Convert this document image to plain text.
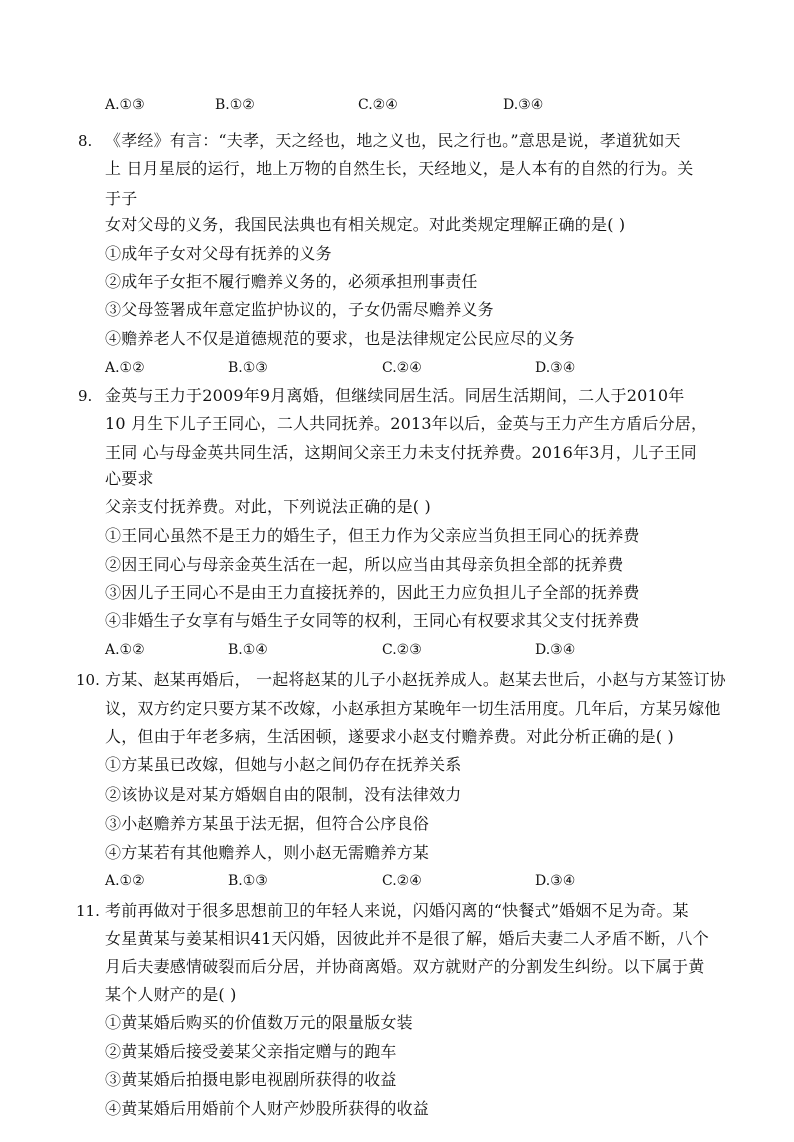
A.①③	B.①②	C.②④	D.③④
8. 《孝经》有言：“夫孝，天之经也，地之义也，民之行也。”意思是说，孝道犹如天
上 日月星辰的运行，地上万物的自然生长，天经地义，是人本有的自然的行为。关
于子
女对父母的义务，我国民法典也有相关规定。对此类规定理解正确的是( )
①成年子女对父母有抚养的义务
②成年子女拒不履行赡养义务的，必须承担刑事责任
③父母签署成年意定监护协议的，子女仍需尽赡养义务
④赡养老人不仅是道德规范的要求，也是法律规定公民应尽的义务
A.①②	B.①③	C.②④	D.③④
9. 金英与王力于2009年9月离婚，但继续同居生活。同居生活期间，二人于2010年
10 月生下儿子王同心，二人共同抚养。2013年以后，金英与王力产生方盾后分居，
王同 心与母金英共同生活，这期间父亲王力未支付抚养费。2016年3月，儿子王同
心要求
父亲支付抚养费。对此，下列说法正确的是( )
①王同心虽然不是王力的婚生子，但王力作为父亲应当负担王同心的抚养费
②因王同心与母亲金英生活在一起，所以应当由其母亲负担全部的抚养费
③因儿子王同心不是由王力直接抚养的，因此王力应负担儿子全部的抚养费
④非婚生子女享有与婚生子女同等的权利，王同心有权要求其父支付抚养费
A.①②	B.①④	C.②③	D.③④
10. 方某、赵某再婚后， 一起将赵某的儿子小赵抚养成人。赵某去世后，小赵与方某签订协
议，双方约定只要方某不改嫁，小赵承担方某晚年一切生活用度。几年后，方某另嫁他
人，但由于年老多病，生活困顿，遂要求小赵支付赡养费。对此分析正确的是( )
①方某虽已改嫁，但她与小赵之间仍存在抚养关系
②该协议是对某方婚姻自由的限制，没有法律效力
③小赵赡养方某虽于法无据，但符合公序良俗
④方某若有其他赡养人，则小赵无需赡养方某
A.①②	B.①③	C.②④	D.③④
11. 考前再做对于很多思想前卫的年轻人来说，闪婚闪离的“快餐式”婚姻不足为奇。某
女星黄某与姜某相识41天闪婚，因彼此并不是很了解，婚后夫妻二人矛盾不断，八个
月后夫妻感情破裂而后分居，并协商离婚。双方就财产的分割发生纠纷。以下属于黄
某个人财产的是( )
①黄某婚后购买的价值数万元的限量版女装
②黄某婚后接受姜某父亲指定赠与的跑车
③黄某婚后拍摄电影电视剧所获得的收益
④黄某婚后用婚前个人财产炒股所获得的收益
